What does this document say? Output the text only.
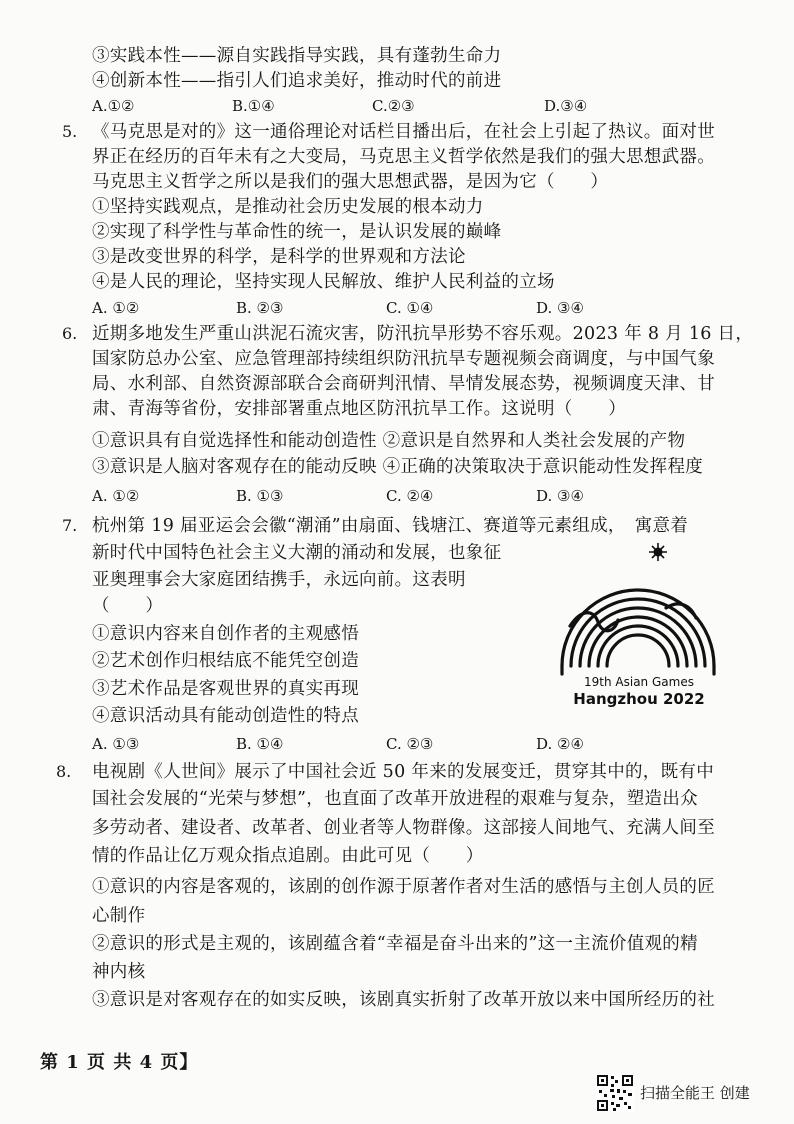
③实践本性——源自实践指导实践，具有蓬勃生命力
④创新本性——指引人们追求美好，推动时代的前进
A.①②	B.①④	C.②③	D.③④
5. 《马克思是对的》这一通俗理论对话栏目播出后，在社会上引起了热议。面对世
界正在经历的百年未有之大变局，马克思主义哲学依然是我们的强大思想武器。
马克思主义哲学之所以是我们的强大思想武器，是因为它（　　）
①坚持实践观点，是推动社会历史发展的根本动力
②实现了科学性与革命性的统一，是认识发展的巅峰
③是改变世界的科学，是科学的世界观和方法论
④是人民的理论，坚持实现人民解放、维护人民利益的立场
A. ①②	B. ②③	C. ①④	D. ③④
6. 近期多地发生严重山洪泥石流灾害，防汛抗旱形势不容乐观。2023 年 8 月 16 日，
国家防总办公室、应急管理部持续组织防汛抗旱专题视频会商调度，与中国气象
局、水利部、自然资源部联合会商研判汛情、旱情发展态势，视频调度天津、甘
肃、青海等省份，安排部署重点地区防汛抗旱工作。这说明（　　）
①意识具有自觉选择性和能动创造性 ②意识是自然界和人类社会发展的产物
③意识是人脑对客观存在的能动反映 ④正确的决策取决于意识能动性发挥程度
A. ①②	B. ①③	C. ②④	D. ③④
7. 杭州第 19 届亚运会会徽“潮涌”由扇面、钱塘江、赛道等元素组成，　寓意着
新时代中国特色社会主义大潮的涌动和发展，也象征
亚奥理事会大家庭团结携手，永远向前。这表明
（　　）
①意识内容来自创作者的主观感悟
②艺术创作归根结底不能凭空创造
③艺术作品是客观世界的真实再现
④意识活动具有能动创造性的特点
A. ①③	B. ①④	C. ②③	D. ②④
19th Asian Games
Hangzhou 2022
8. 电视剧《人世间》展示了中国社会近 50 年来的发展变迁，贯穿其中的，既有中
国社会发展的“光荣与梦想”，也直面了改革开放进程的艰难与复杂，塑造出众
多劳动者、建设者、改革者、创业者等人物群像。这部接人间地气、充满人间至
情的作品让亿万观众指点追剧。由此可见（　　）
①意识的内容是客观的，该剧的创作源于原著作者对生活的感悟与主创人员的匠
心制作
②意识的形式是主观的，该剧蕴含着“幸福是奋斗出来的”这一主流价值观的精
神内核
③意识是对客观存在的如实反映，该剧真实折射了改革开放以来中国所经历的社
第 1 页 共 4 页】
扫描全能王 创建
